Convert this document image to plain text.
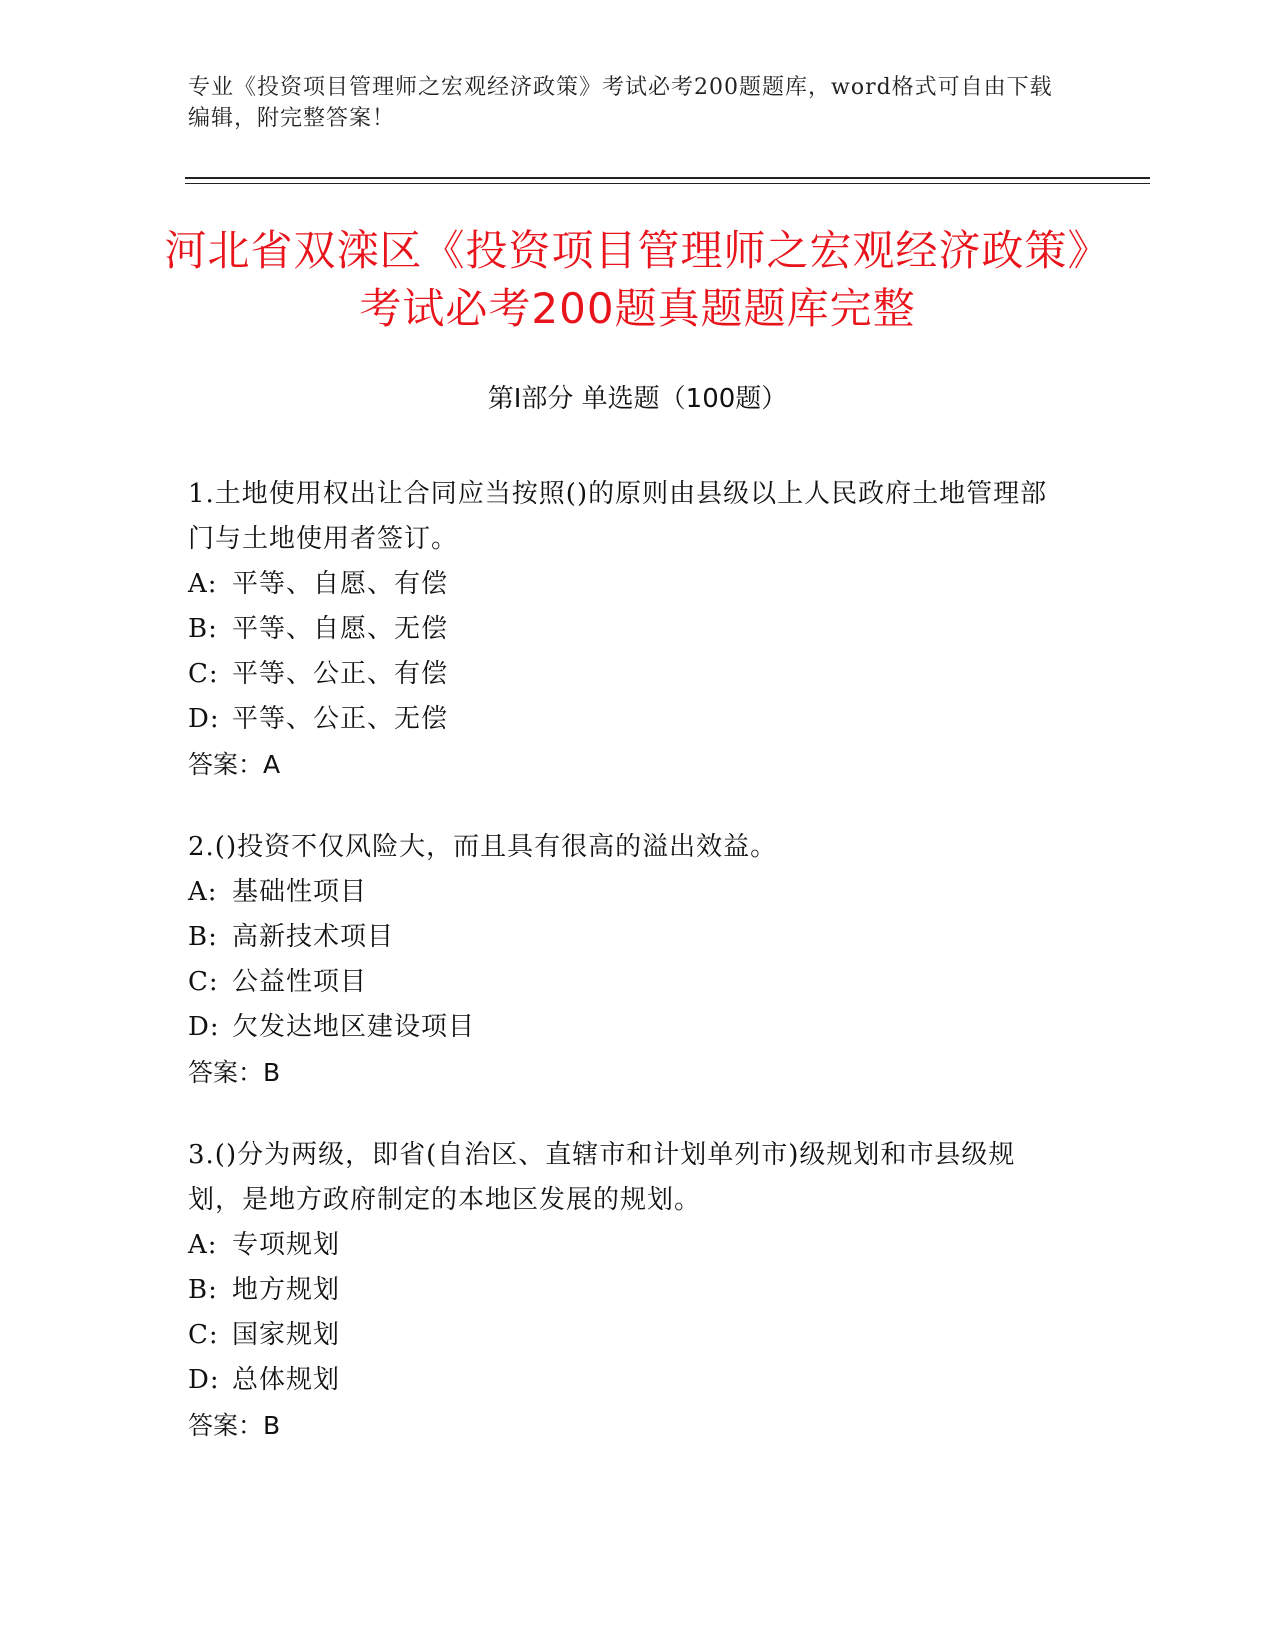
专业《投资项目管理师之宏观经济政策》考试必考200题题库，word格式可自由下载编辑，附完整答案！
河北省双滦区《投资项目管理师之宏观经济政策》考试必考200题真题题库完整
第I部分 单选题（100题）
1.土地使用权出让合同应当按照()的原则由县级以上人民政府土地管理部门与土地使用者签订。
A: 平等、自愿、有偿
B: 平等、自愿、无偿
C: 平等、公正、有偿
D: 平等、公正、无偿
答案：A
2.()投资不仅风险大，而且具有很高的溢出效益。
A: 基础性项目
B: 高新技术项目
C: 公益性项目
D: 欠发达地区建设项目
答案：B
3.()分为两级，即省(自治区、直辖市和计划单列市)级规划和市县级规划，是地方政府制定的本地区发展的规划。
A: 专项规划
B: 地方规划
C: 国家规划
D: 总体规划
答案：B
